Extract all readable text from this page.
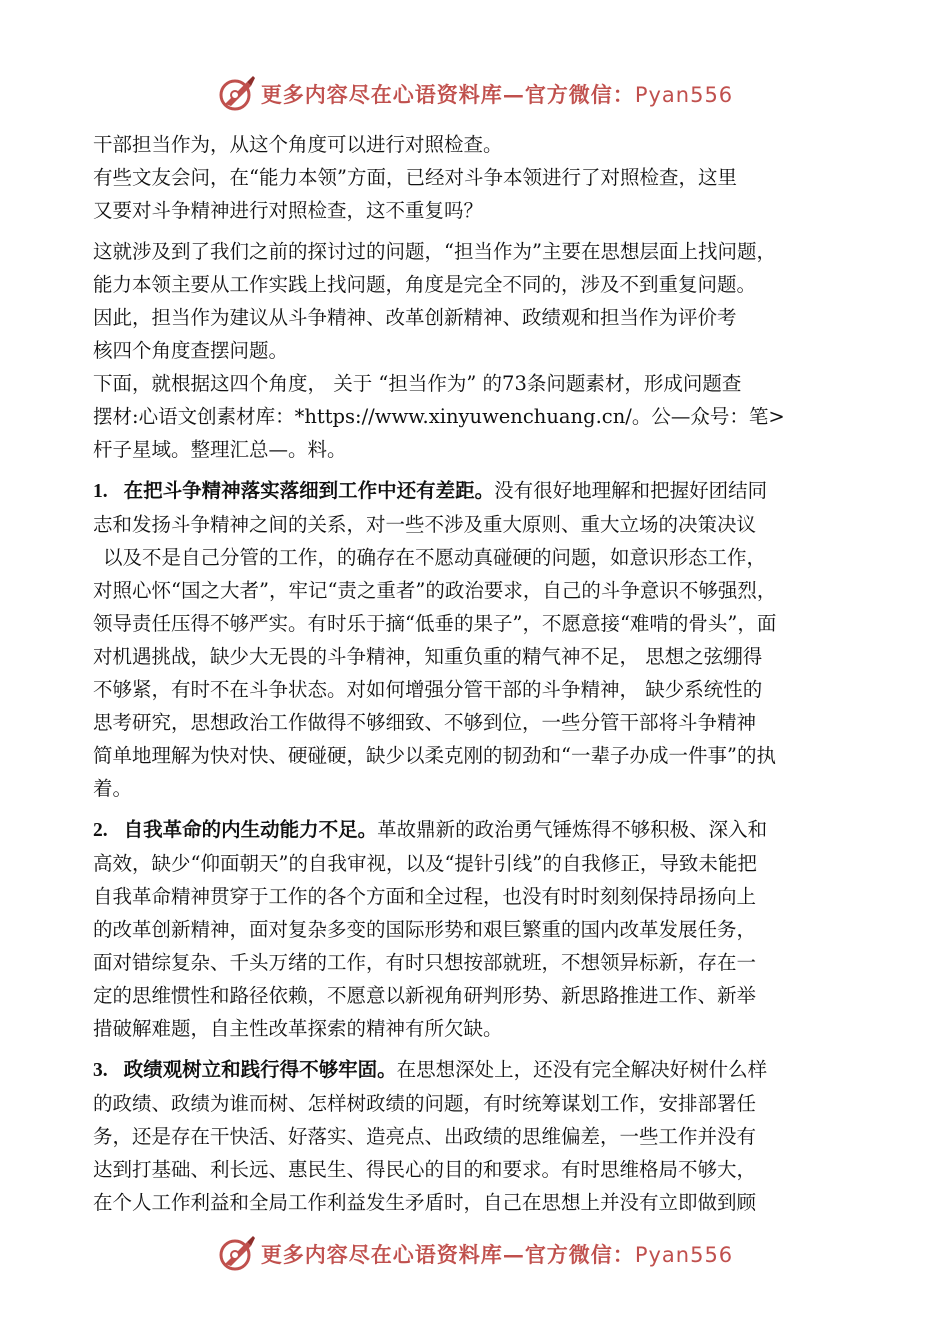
更多内容尽在心语资料库—官方微信：Pyan556

干部担当作为，从这个角度可以进行对照检查。

有些文友会问，在“能力本领”方面，已经对斗争本领进行了对照检查，这里

又要对斗争精神进行对照检查，这不重复吗？

这就涉及到了我们之前的探讨过的问题，“担当作为”主要在思想层面上找问题，

能力本领主要从工作实践上找问题，角度是完全不同的，涉及不到重复问题。

因此，担当作为建议从斗争精神、改革创新精神、政绩观和担当作为评价考

核四个角度查摆问题。

下面，就根据这四个角度， 关于 “担当作为” 的73条问题素材，形成问题查

摆材:心语文创素材库：*https://www.xinyuwenchuang.cn/。公—众号：笔>

杆子星域。整理汇总—。料。

1. 在把斗争精神落实落细到工作中还有差距。没有很好地理解和把握好团结同

志和发扬斗争精神之间的关系，对一些不涉及重大原则、重大立场的决策决议

以及不是自己分管的工作，的确存在不愿动真碰硬的问题，如意识形态工作，

对照心怀“国之大者”，牢记“责之重者”的政治要求，自己的斗争意识不够强烈，

领导责任压得不够严实。有时乐于摘“低垂的果子”，不愿意接“难啃的骨头”，面

对机遇挑战，缺少大无畏的斗争精神，知重负重的精气神不足， 思想之弦绷得

不够紧，有时不在斗争状态。对如何增强分管干部的斗争精神， 缺少系统性的

思考研究，思想政治工作做得不够细致、不够到位，一些分管干部将斗争精神

简单地理解为快对快、硬碰硬，缺少以柔克刚的韧劲和“一辈子办成一件事”的执

着。

2. 自我革命的内生动能力不足。革故鼎新的政治勇气锤炼得不够积极、深入和

高效，缺少“仰面朝天”的自我审视，以及“提针引线”的自我修正，导致未能把

自我革命精神贯穿于工作的各个方面和全过程，也没有时时刻刻保持昂扬向上

的改革创新精神，面对复杂多变的国际形势和艰巨繁重的国内改革发展任务，

面对错综复杂、千头万绪的工作，有时只想按部就班，不想领异标新，存在一

定的思维惯性和路径依赖，不愿意以新视角研判形势、新思路推进工作、新举

措破解难题，自主性改革探索的精神有所欠缺。

3. 政绩观树立和践行得不够牢固。在思想深处上，还没有完全解决好树什么样

的政绩、政绩为谁而树、怎样树政绩的问题，有时统筹谋划工作，安排部署任

务，还是存在干快活、好落实、造亮点、出政绩的思维偏差，一些工作并没有

达到打基础、利长远、惠民生、得民心的目的和要求。有时思维格局不够大，

在个人工作利益和全局工作利益发生矛盾时，自己在思想上并没有立即做到顾

更多内容尽在心语资料库—官方微信：Pyan556
